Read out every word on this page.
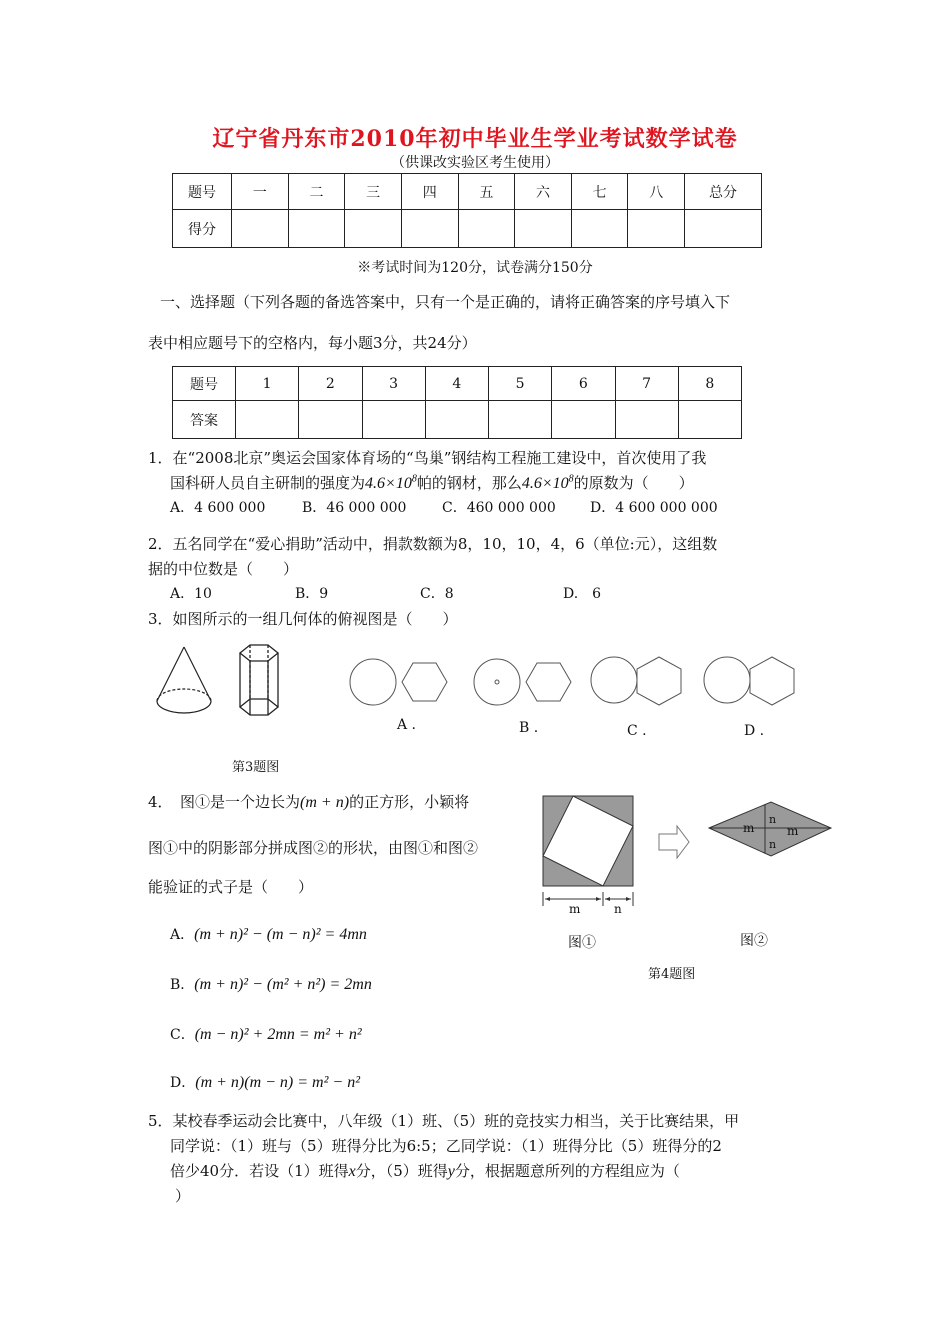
辽宁省丹东市2010年初中毕业生学业考试数学试卷
（供课改实验区考生使用）
题号	一	二	三	四	五	六	七	八	总分
得分									
※考试时间为120分，试卷满分150分
一、选择题（下列各题的备选答案中，只有一个是正确的，请将正确答案的序号填入下
表中相应题号下的空格内，每小题3分，共24分）
题号	1	2	3	4	5	6	7	8
答案								
1．在“2008北京”奥运会国家体育场的“鸟巢”钢结构工程施工建设中，首次使用了我
国科研人员自主研制的强度为$4.6\times 10^8$帕的钢材，那么$4.6\times 10^8$的原数为（　　）
A．4 600 000	B．46 000 000	C．460 000 000 D．4 600 000 000
2．五名同学在“爱心捐助”活动中，捐款数额为8，10，10，4，6（单位:元），这组数
据的中位数是（　　）
A．10	B．9	C．8	D.　6
3．如图所示的一组几何体的俯视图是（　　）
A .	B .	C .	D .
第3题图
4．　图①是一个边长为(m + n)的正方形，小颖将
图①中的阴影部分拼成图②的形状，由图①和图②
能验证的式子是（　　）
A．(m + n)² − (m − n)² = 4mn
B．(m + n)² − (m² + n²) = 2mn
C．(m − n)² + 2mn = m² + n²
D．(m + n)(m − n) = m² − n²
m
n
m
n
m	n
图①	图②
第4题图
5．某校春季运动会比赛中，八年级（1）班、（5）班的竞技实力相当，关于比赛结果，甲
同学说：（1）班与（5）班得分比为6:5；乙同学说：（1）班得分比（5）班得分的2
倍少40分．若设（1）班得x分，（5）班得y分，根据题意所列的方程组应为（
）
